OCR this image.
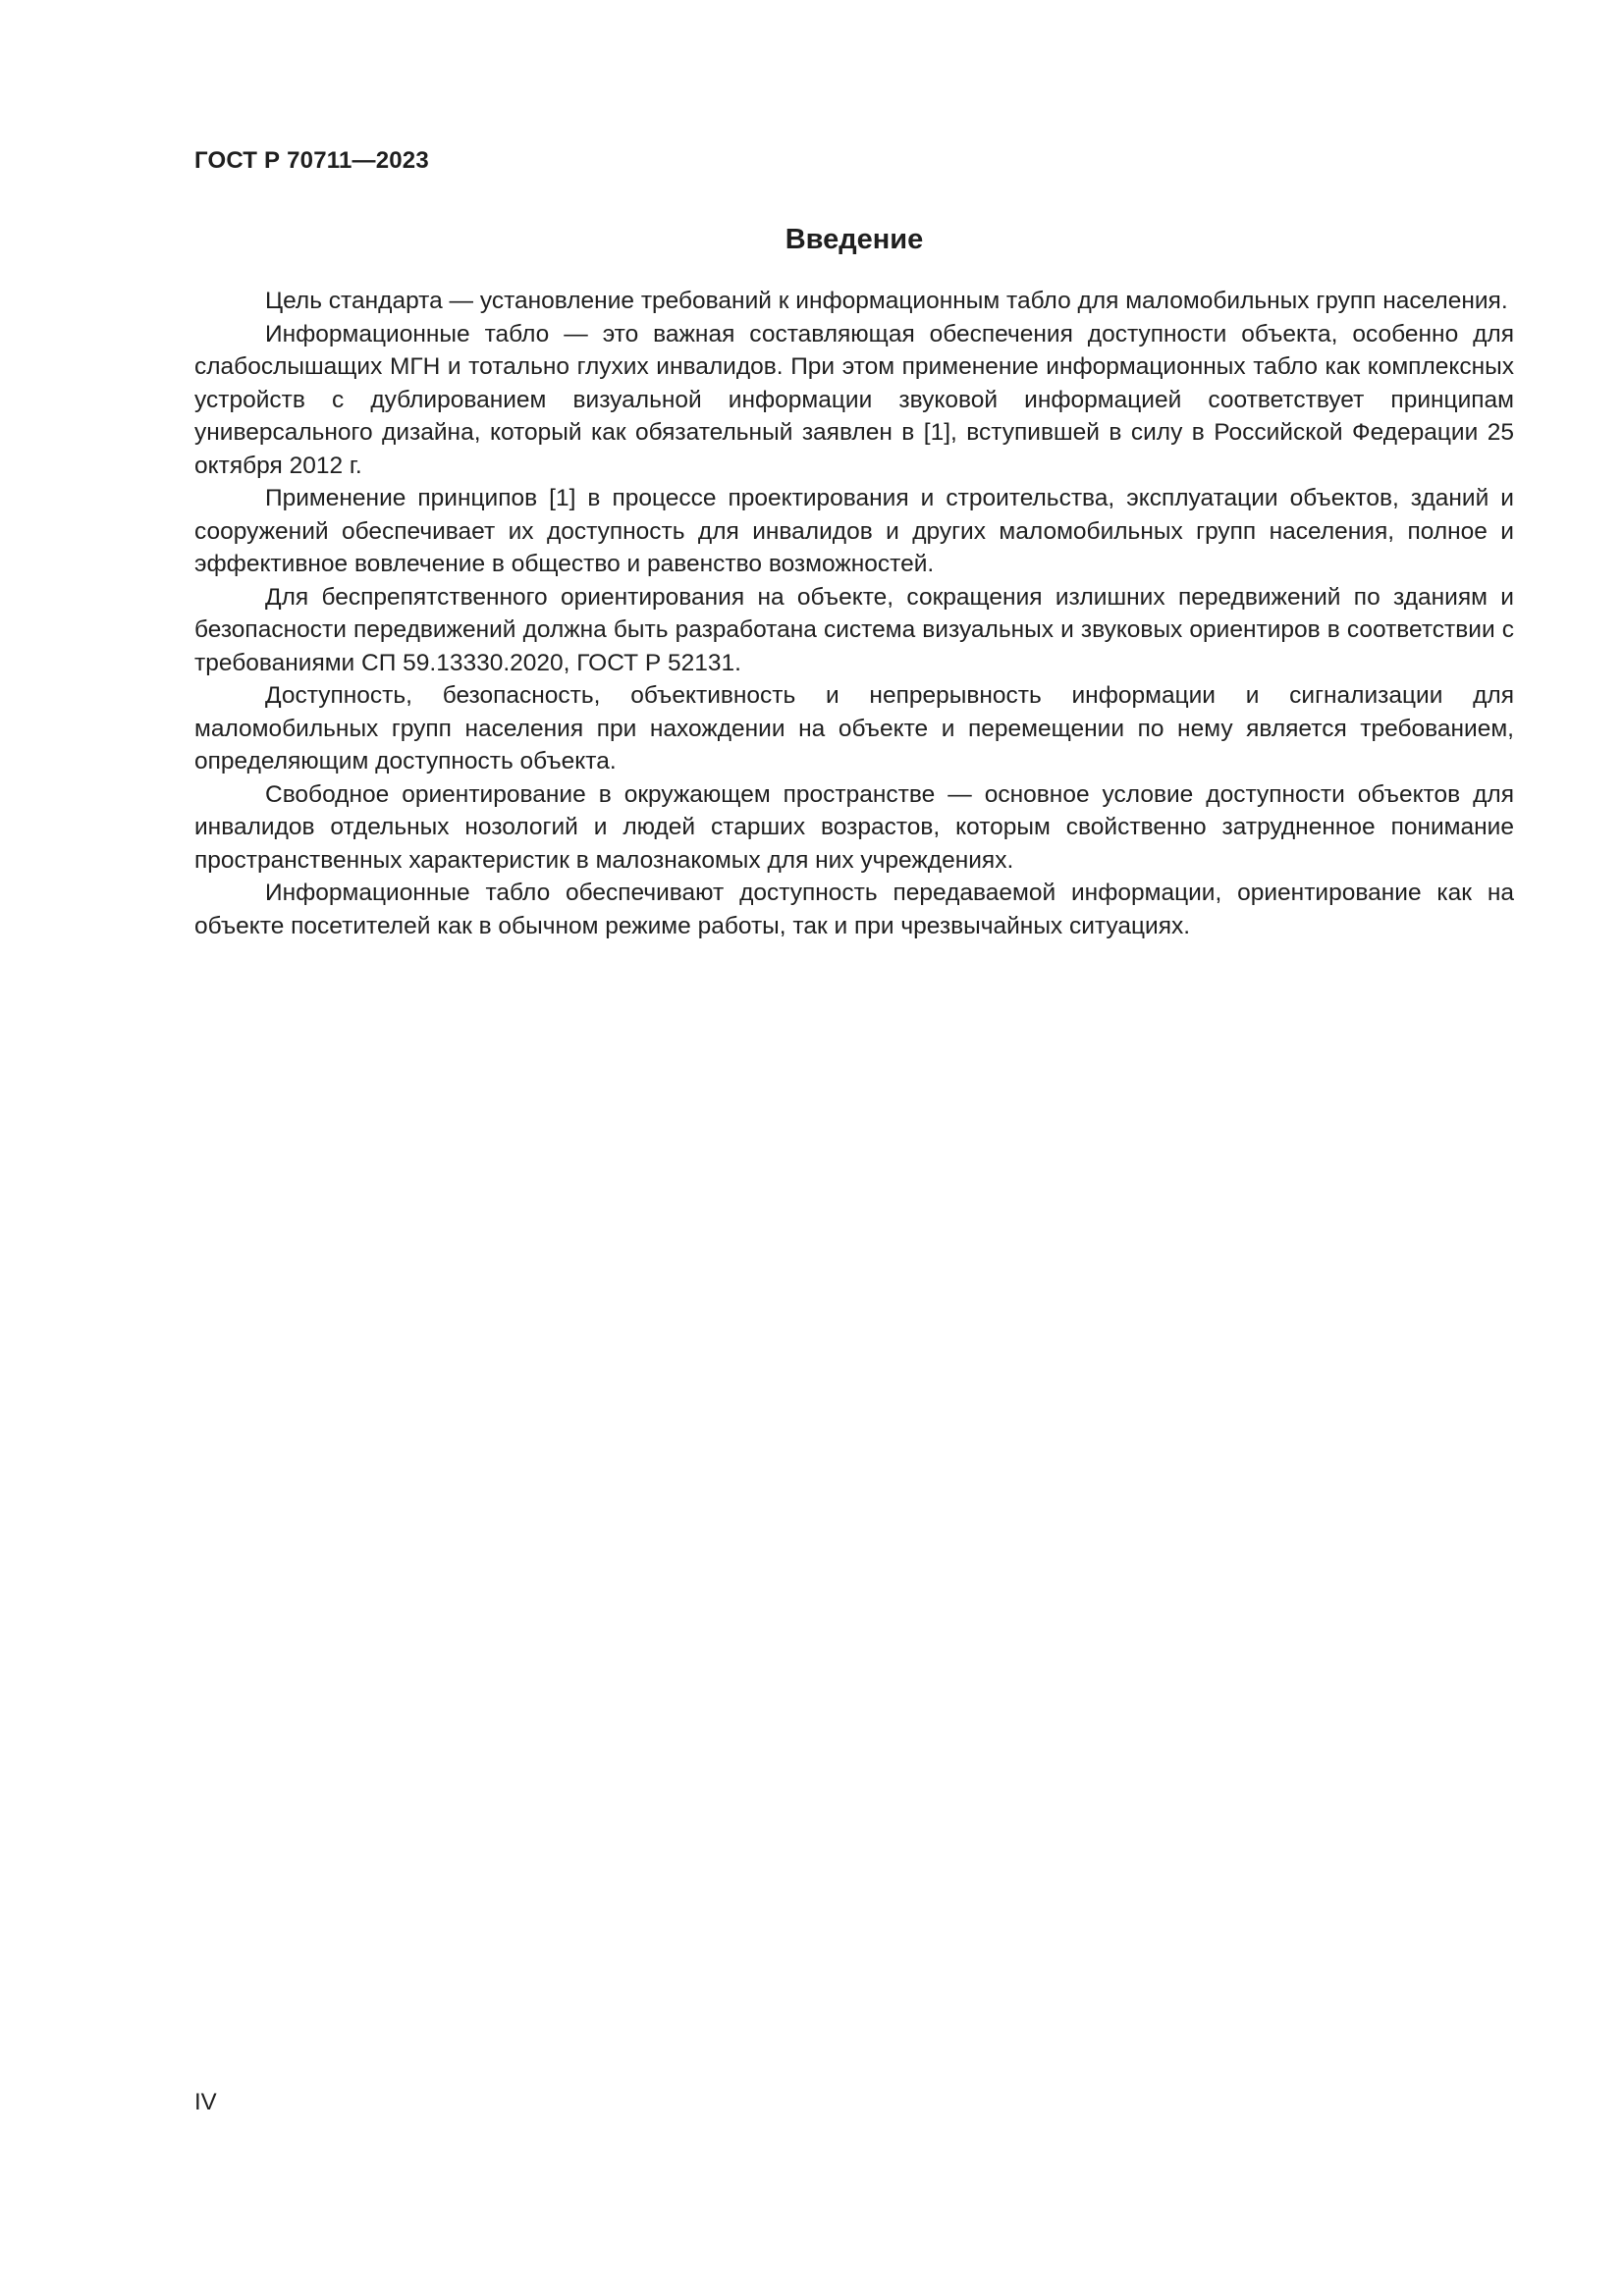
ГОСТ Р 70711—2023
Введение

Цель стандарта — установление требований к информационным табло для маломобильных групп населения.

Информационные табло — это важная составляющая обеспечения доступности объекта, особенно для слабослышащих МГН и тотально глухих инвалидов. При этом применение информационных табло как комплексных устройств с дублированием визуальной информации звуковой информацией соответствует принципам универсального дизайна, который как обязательный заявлен в [1], вступившей в силу в Российской Федерации 25 октября 2012 г.

Применение принципов [1] в процессе проектирования и строительства, эксплуатации объектов, зданий и сооружений обеспечивает их доступность для инвалидов и других маломобильных групп населения, полное и эффективное вовлечение в общество и равенство возможностей.

Для беспрепятственного ориентирования на объекте, сокращения излишних передвижений по зданиям и безопасности передвижений должна быть разработана система визуальных и звуковых ориентиров в соответствии с требованиями СП 59.13330.2020, ГОСТ Р 52131.

Доступность, безопасность, объективность и непрерывность информации и сигнализации для маломобильных групп населения при нахождении на объекте и перемещении по нему является требованием, определяющим доступность объекта.

Свободное ориентирование в окружающем пространстве — основное условие доступности объектов для инвалидов отдельных нозологий и людей старших возрастов, которым свойственно затрудненное понимание пространственных характеристик в малознакомых для них учреждениях.

Информационные табло обеспечивают доступность передаваемой информации, ориентирование как на объекте посетителей как в обычном режиме работы, так и при чрезвычайных ситуациях.

IV
